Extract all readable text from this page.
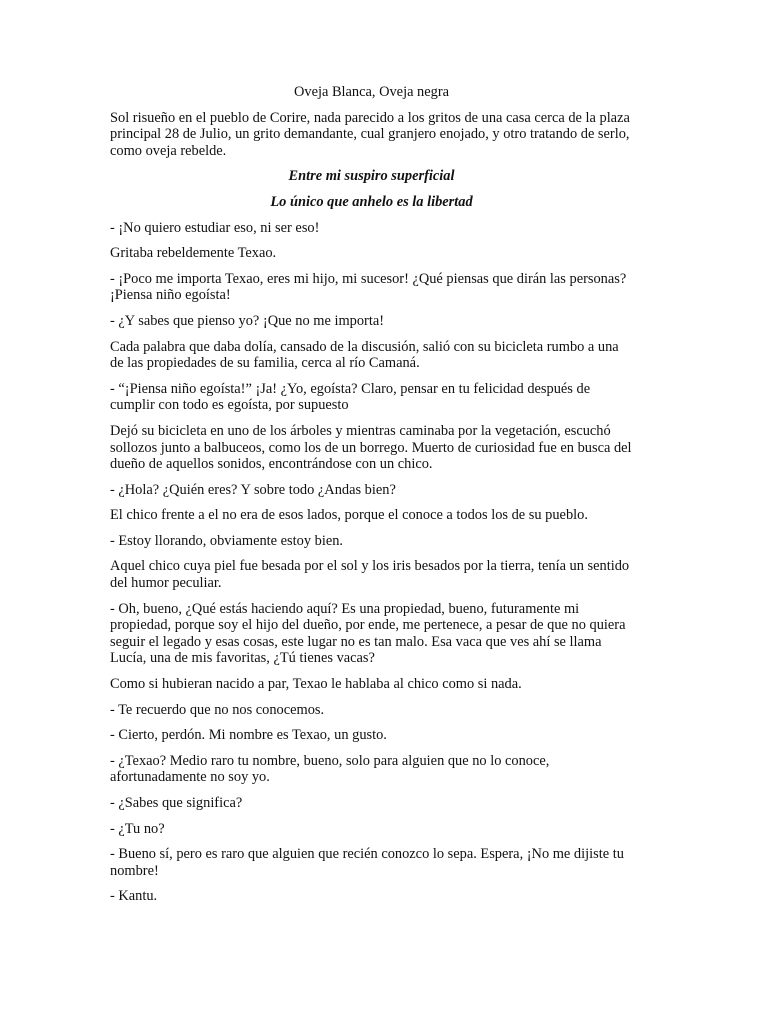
Oveja Blanca, Oveja negra

Sol risueño en el pueblo de Corire, nada parecido a los gritos de una casa cerca de la plaza principal 28 de Julio, un grito demandante, cual granjero enojado, y otro tratando de serlo, como oveja rebelde.

Entre mi suspiro superficial

Lo único que anhelo es la libertad

- ¡No quiero estudiar eso, ni ser eso!

Gritaba rebeldemente Texao.

- ¡Poco me importa Texao, eres mi hijo, mi sucesor! ¿Qué piensas que dirán las personas? ¡Piensa niño egoísta!

- ¿Y sabes que pienso yo? ¡Que no me importa!

Cada palabra que daba dolía, cansado de la discusión, salió con su bicicleta rumbo a una de las propiedades de su familia, cerca al río Camaná.

- “¡Piensa niño egoísta!” ¡Ja! ¿Yo, egoísta? Claro, pensar en tu felicidad después de cumplir con todo es egoísta, por supuesto

Dejó su bicicleta en uno de los árboles y mientras caminaba por la vegetación, escuchó sollozos junto a balbuceos, como los de un borrego. Muerto de curiosidad fue en busca del dueño de aquellos sonidos, encontrándose con un chico.

- ¿Hola? ¿Quién eres? Y sobre todo ¿Andas bien?

El chico frente a el no era de esos lados, porque el conoce a todos los de su pueblo.

- Estoy llorando, obviamente estoy bien.

Aquel chico cuya piel fue besada por el sol y los iris besados por la tierra, tenía un sentido del humor peculiar.

- Oh, bueno, ¿Qué estás haciendo aquí? Es una propiedad, bueno, futuramente mi propiedad, porque soy el hijo del dueño, por ende, me pertenece, a pesar de que no quiera seguir el legado y esas cosas, este lugar no es tan malo. Esa vaca que ves ahí se llama Lucía, una de mis favoritas, ¿Tú tienes vacas?

Como si hubieran nacido a par, Texao le hablaba al chico como si nada.

- Te recuerdo que no nos conocemos.

- Cierto, perdón. Mi nombre es Texao, un gusto.

- ¿Texao? Medio raro tu nombre, bueno, solo para alguien que no lo conoce, afortunadamente no soy yo.

- ¿Sabes que significa?

- ¿Tu no?

- Bueno sí, pero es raro que alguien que recién conozco lo sepa. Espera, ¡No me dijiste tu nombre!

- Kantu.
